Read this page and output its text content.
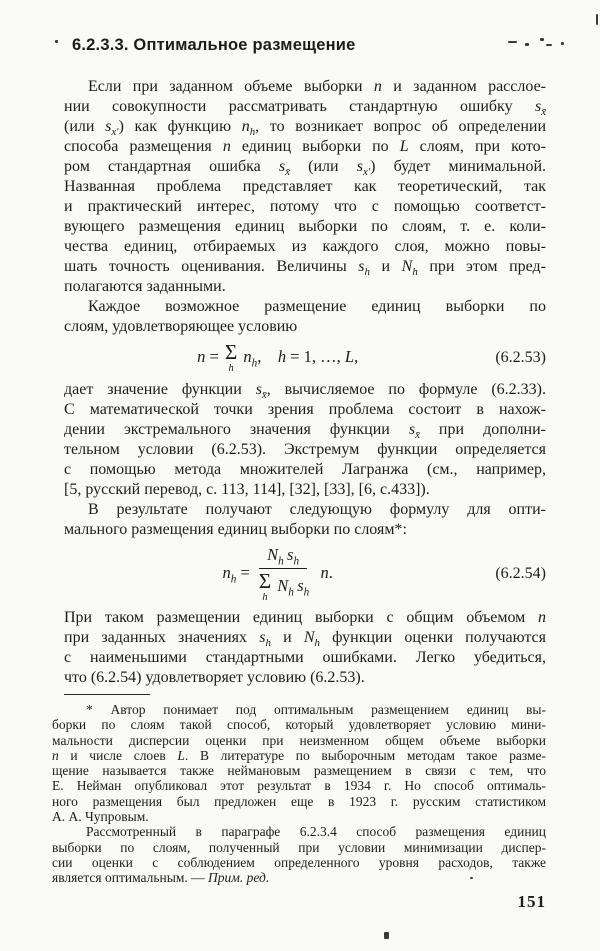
6.2.3.3. Оптимальное размещение
Если при заданном объеме выборки n и заданном расслое-
нии совокупности рассматривать стандартную ошибку $s_{x̄}$
(или $s_{x'}$) как функцию $n_h$, то возникает вопрос об определении
способа размещения n единиц выборки по L слоям, при кото-
ром стандартная ошибка $s_{x̄}$ (или $s_{x'}$) будет минимальной.
Названная проблема представляет как теоретический, так
и практический интерес, потому что с помощью соответст-
вующего размещения единиц выборки по слоям, т. е. коли-
чества единиц, отбираемых из каждого слоя, можно повы-
шать точность оценивания. Величины $s_h$ и $N_h$ при этом пред-
полагаются заданными.
Каждое возможное размещение единиц выборки по
слоям, удовлетворяющее условию
n = Σ
h
$n_h$, h = 1, …, L,	(6.2.53)
дает значение функции $s_{x̄}$, вычисляемое по формуле (6.2.33).
С математической точки зрения проблема состоит в нахож-
дении экстремального значения функции $s_{x̄}$ при дополни-
тельном условии (6.2.53). Экстремум функции определяется
с помощью метода множителей Лагранжа (см., например,
[5, русский перевод, с. 113, 114], [32], [33], [6, с.433]).
В результате получают следующую формулу для опти-
мального размещения единиц выборки по слоям*:
$n_h = N_h$  $s_h$
Σ
h
$N_h$  $s_h$
  n.	(6.2.54)
При таком размещении единиц выборки с общим объемом n
при заданных значениях $s_h$ и $N_h$ функции оценки получаются
с наименьшими стандартными ошибками. Легко убедиться,
что (6.2.54) удовлетворяет условию (6.2.53).
* Автор понимает под оптимальным размещением единиц вы-
борки по слоям такой способ, который удовлетворяет условию мини-
мальности дисперсии оценки при неизменном общем объеме выборки
n и числе слоев L. В литературе по выборочным методам такое разме-
щение называется также неймановым размещением в связи с тем, что
Е. Нейман опубликовал этот результат в 1934 г. Но способ оптималь-
ного размещения был предложен еще в 1923 г. русским статистиком
А. А. Чупровым.
Рассмотренный в параграфе 6.2.3.4 способ размещения единиц
выборки по слоям, полученный при условии минимизации диспер-
сии оценки с соблюдением определенного уровня расходов, также
является оптимальным. — Прим. ред.
151
